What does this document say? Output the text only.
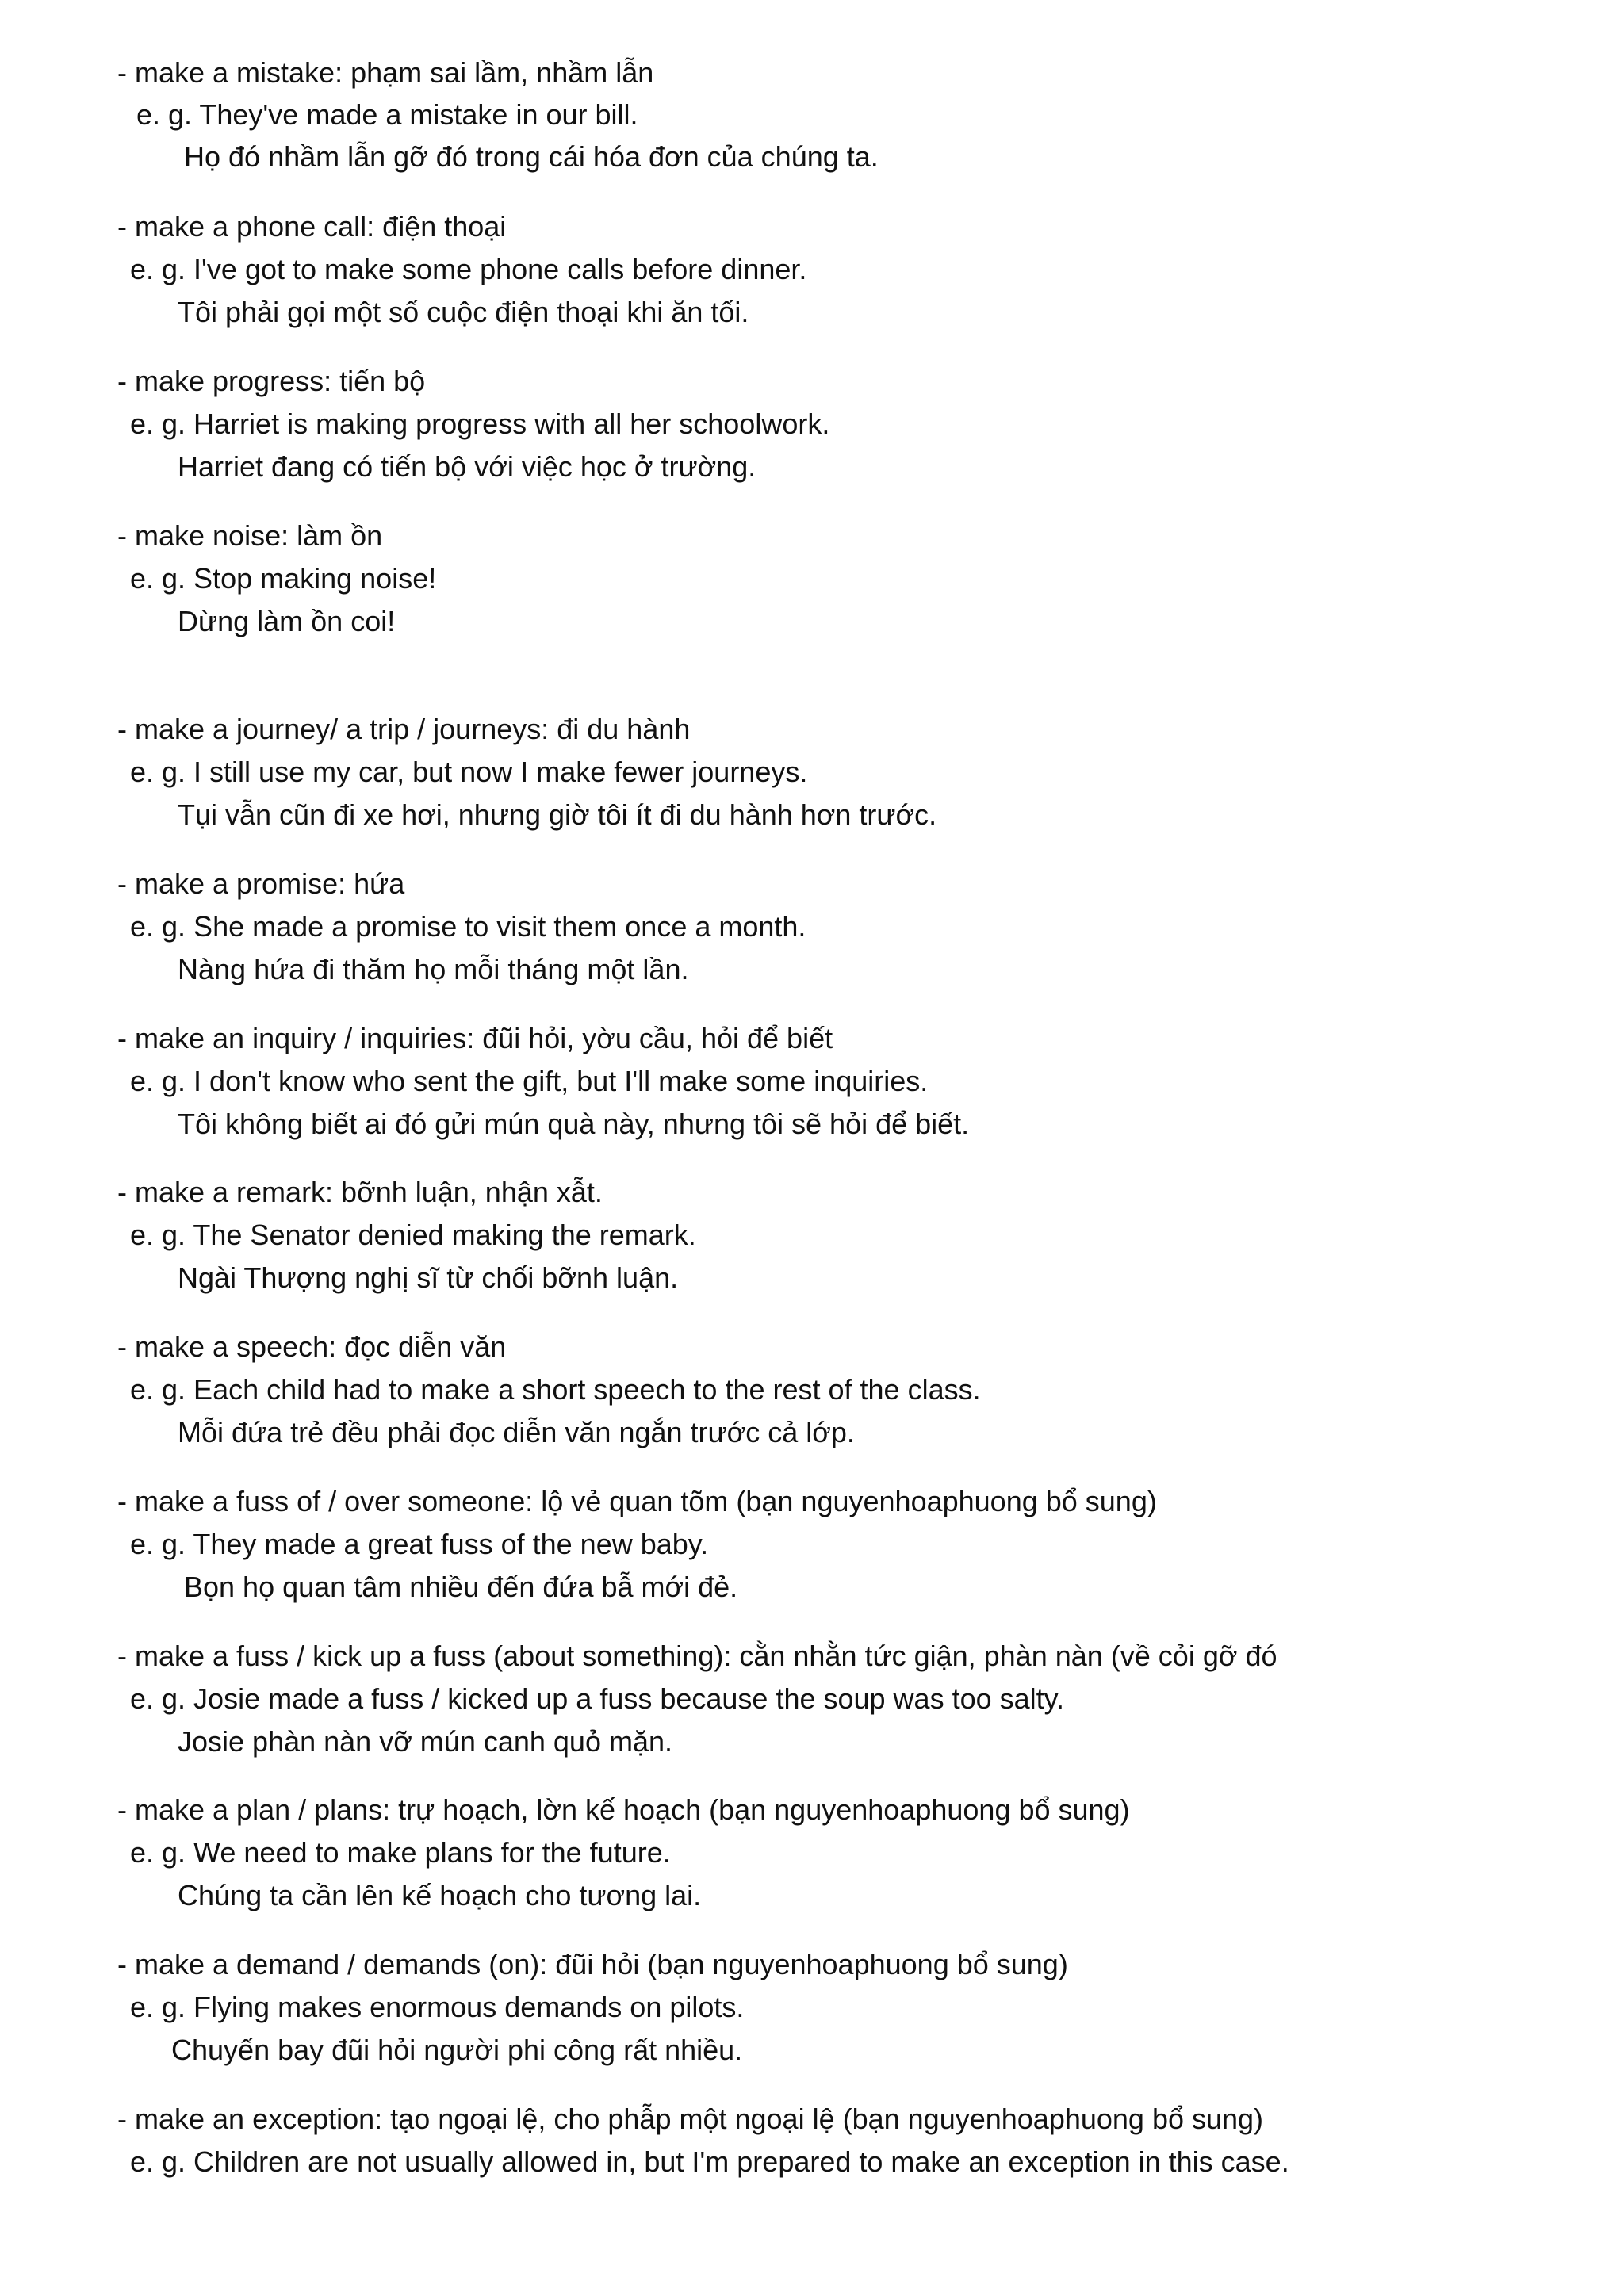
- make a mistake: phạm sai lầm, nhầm lẫn
e. g. They've made a mistake in our bill.
Họ đó nhầm lẫn gỡ đó trong cái hóa đơn của chúng ta.
- make a phone call: điện thoại
e. g. I've got to make some phone calls before dinner.
Tôi phải gọi một số cuộc điện thoại khi ăn tối.
- make progress: tiến bộ
e. g. Harriet is making progress with all her schoolwork.
Harriet đang có tiến bộ với việc học ở trường.
- make noise: làm ồn
e. g. Stop making noise!
Dừng làm ồn coi!
- make a journey/ a trip / journeys: đi du hành
e. g. I still use my car, but now I make fewer journeys.
Tụi vẫn cũn đi xe hơi, nhưng giờ tôi ít đi du hành hơn trước.
- make a promise: hứa
e. g. She made a promise to visit them once a month.
Nàng hứa đi thăm họ mỗi tháng một lần.
- make an inquiry / inquiries: đũi hỏi, yờu cầu, hỏi để biết
e. g. I don't know who sent the gift, but I'll make some inquiries.
Tôi không biết ai đó gửi mún quà này, nhưng tôi sẽ hỏi để biết.
- make a remark: bỡnh luận, nhận xẫt.
e. g. The Senator denied making the remark.
Ngài Thượng nghị sĩ từ chối bỡnh luận.
- make a speech: đọc diễn văn
e. g. Each child had to make a short speech to the rest of the class.
Mỗi đứa trẻ đều phải đọc diễn văn ngắn trước cả lớp.
- make a fuss of / over someone: lộ vẻ quan tõm (bạn nguyenhoaphuong bổ sung)
e. g. They made a great fuss of the new baby.
Bọn họ quan tâm nhiều đến đứa bẫ mới đẻ.
- make a fuss / kick up a fuss (about something): cằn nhằn tức giận, phàn nàn (về cỏi gỡ đó
e. g. Josie made a fuss / kicked up a fuss because the soup was too salty.
Josie phàn nàn vỡ mún canh quỏ mặn.
- make a plan / plans: trự hoạch, lờn kế hoạch (bạn nguyenhoaphuong bổ sung)
e. g. We need to make plans for the future.
Chúng ta cần lên kế hoạch cho tương lai.
- make a demand / demands (on): đũi hỏi (bạn nguyenhoaphuong bổ sung)
e. g. Flying makes enormous demands on pilots.
Chuyến bay đũi hỏi người phi công rất nhiều.
- make an exception: tạo ngoại lệ, cho phẫp một ngoại lệ (bạn nguyenhoaphuong bổ sung)
e. g. Children are not usually allowed in, but I'm prepared to make an exception in this case.
